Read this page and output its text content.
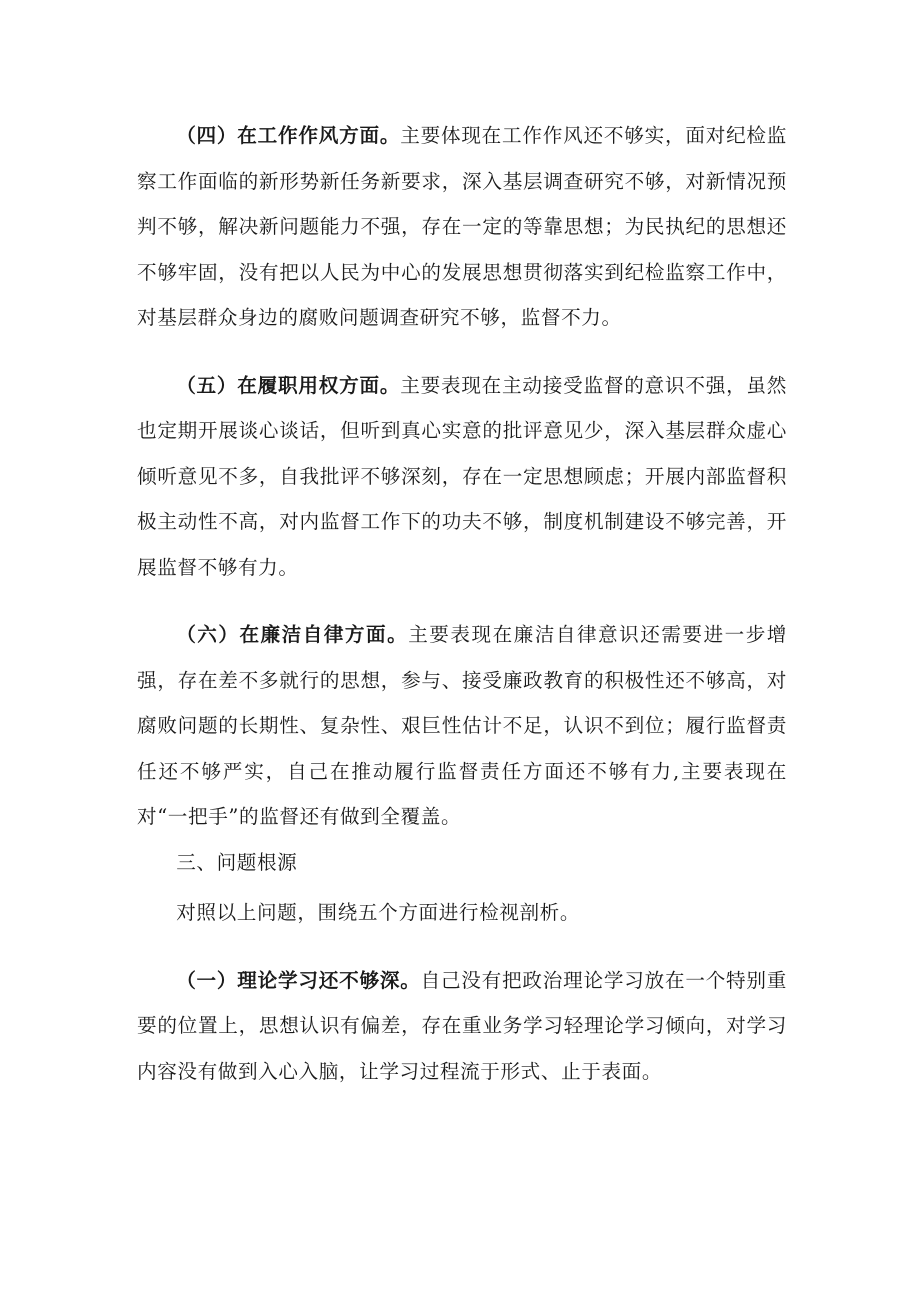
（四）在工作作风方面。主要体现在工作作风还不够实，面对纪检监察工作面临的新形势新任务新要求，深入基层调查研究不够，对新情况预判不够，解决新问题能力不强，存在一定的等靠思想；为民执纪的思想还不够牢固，没有把以人民为中心的发展思想贯彻落实到纪检监察工作中，对基层群众身边的腐败问题调查研究不够，监督不力。

（五）在履职用权方面。主要表现在主动接受监督的意识不强，虽然也定期开展谈心谈话，但听到真心实意的批评意见少，深入基层群众虚心倾听意见不多，自我批评不够深刻，存在一定思想顾虑；开展内部监督积极主动性不高，对内监督工作下的功夫不够，制度机制建设不够完善，开展监督不够有力。

（六）在廉洁自律方面。主要表现在廉洁自律意识还需要进一步增强，存在差不多就行的思想，参与、接受廉政教育的积极性还不够高，对腐败问题的长期性、复杂性、艰巨性估计不足，认识不到位；履行监督责任还不够严实，自己在推动履行监督责任方面还不够有力,主要表现在对“一把手”的监督还有做到全覆盖。

三、问题根源

对照以上问题，围绕五个方面进行检视剖析。

（一）理论学习还不够深。自己没有把政治理论学习放在一个特别重要的位置上，思想认识有偏差，存在重业务学习轻理论学习倾向，对学习内容没有做到入心入脑，让学习过程流于形式、止于表面。
